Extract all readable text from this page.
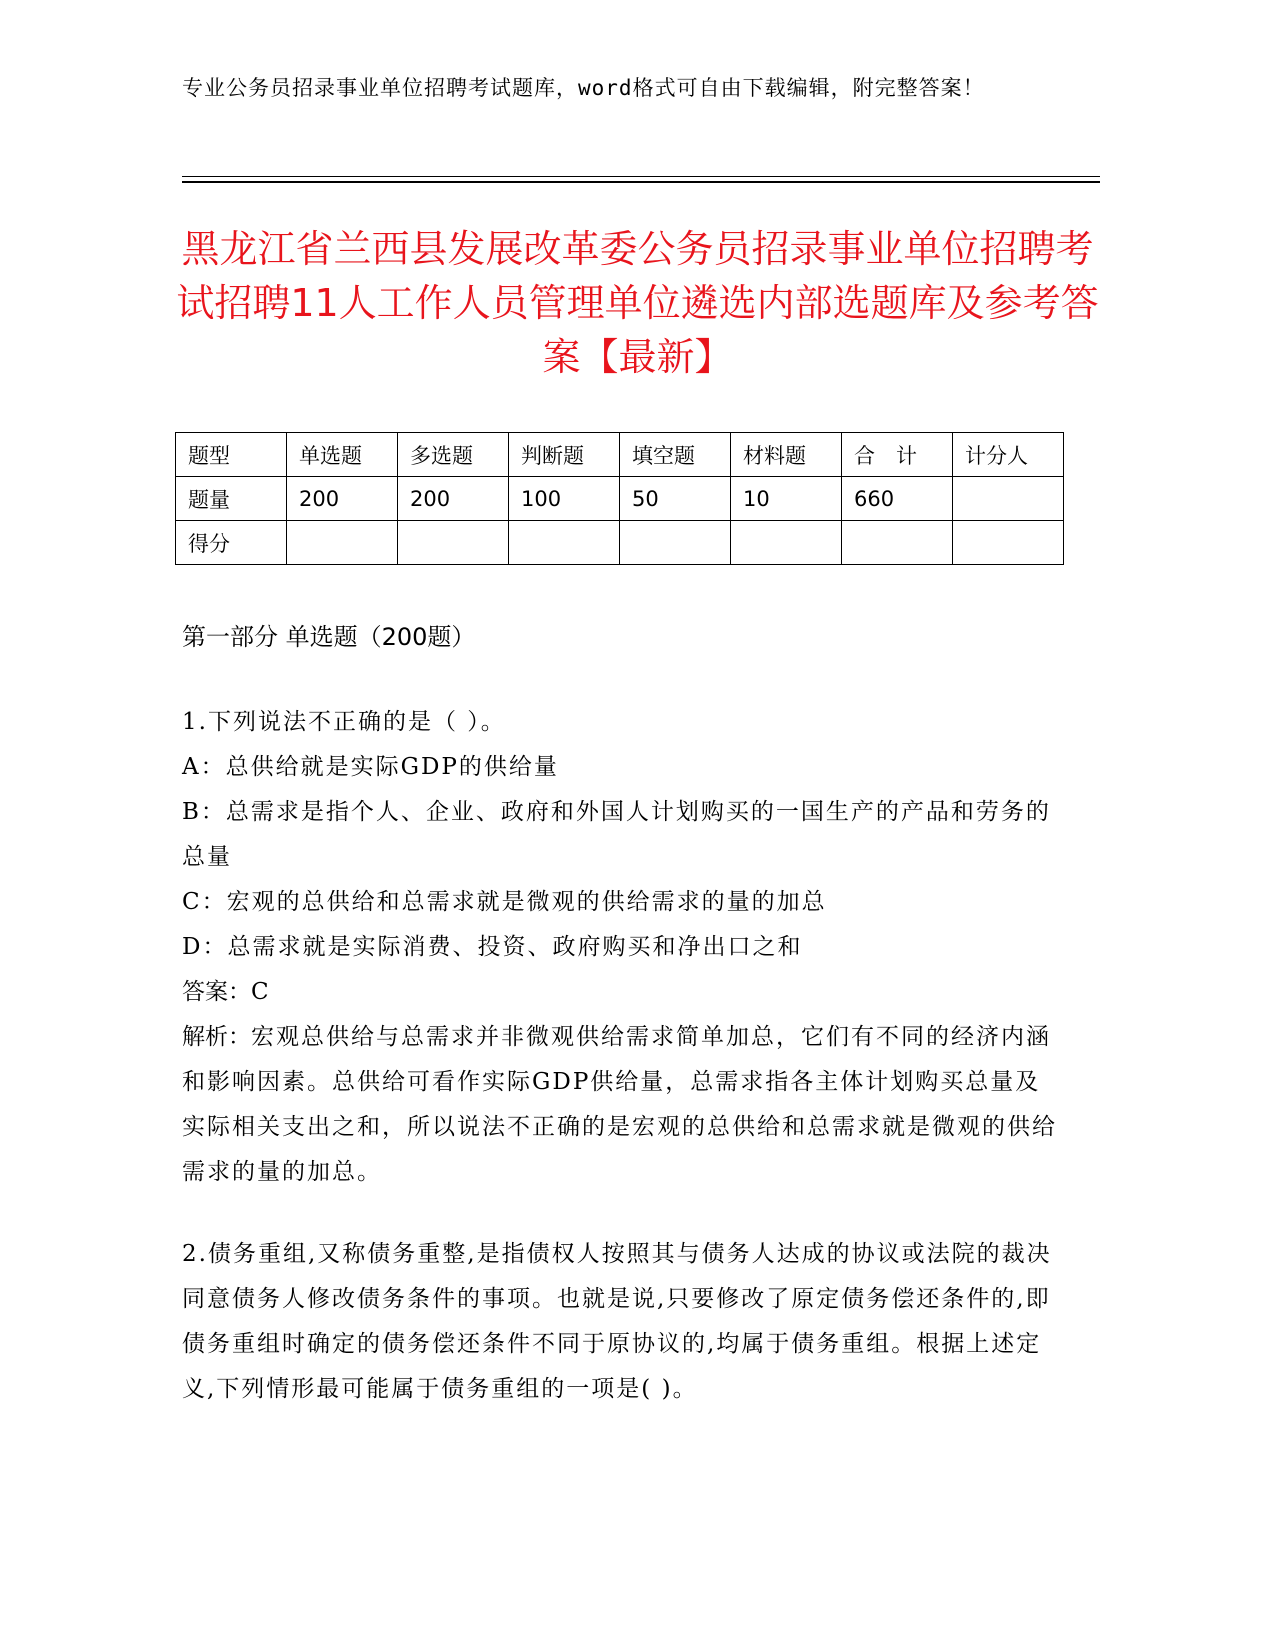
专业公务员招录事业单位招聘考试题库，word格式可自由下载编辑，附完整答案！
黑龙江省兰西县发展改革委公务员招录事业单位招聘考试招聘11人工作人员管理单位遴选内部选题库及参考答案【最新】
题型	单选题	多选题	判断题	填空题	材料题	合　计	计分人
题量	200	200	100	50	10	660	
得分							
第一部分 单选题（200题）

1.下列说法不正确的是（ ）。

A：总供给就是实际GDP的供给量

B：总需求是指个人、企业、政府和外国人计划购买的一国生产的产品和劳务的总量

C：宏观的总供给和总需求就是微观的供给需求的量的加总

D：总需求就是实际消费、投资、政府购买和净出口之和

答案：C

解析：宏观总供给与总需求并非微观供给需求简单加总，它们有不同的经济内涵和影响因素。总供给可看作实际GDP供给量，总需求指各主体计划购买总量及实际相关支出之和，所以说法不正确的是宏观的总供给和总需求就是微观的供给需求的量的加总。

2.债务重组,又称债务重整,是指债权人按照其与债务人达成的协议或法院的裁决同意债务人修改债务条件的事项。也就是说,只要修改了原定债务偿还条件的,即债务重组时确定的债务偿还条件不同于原协议的,均属于债务重组。根据上述定义,下列情形最可能属于债务重组的一项是( )。
